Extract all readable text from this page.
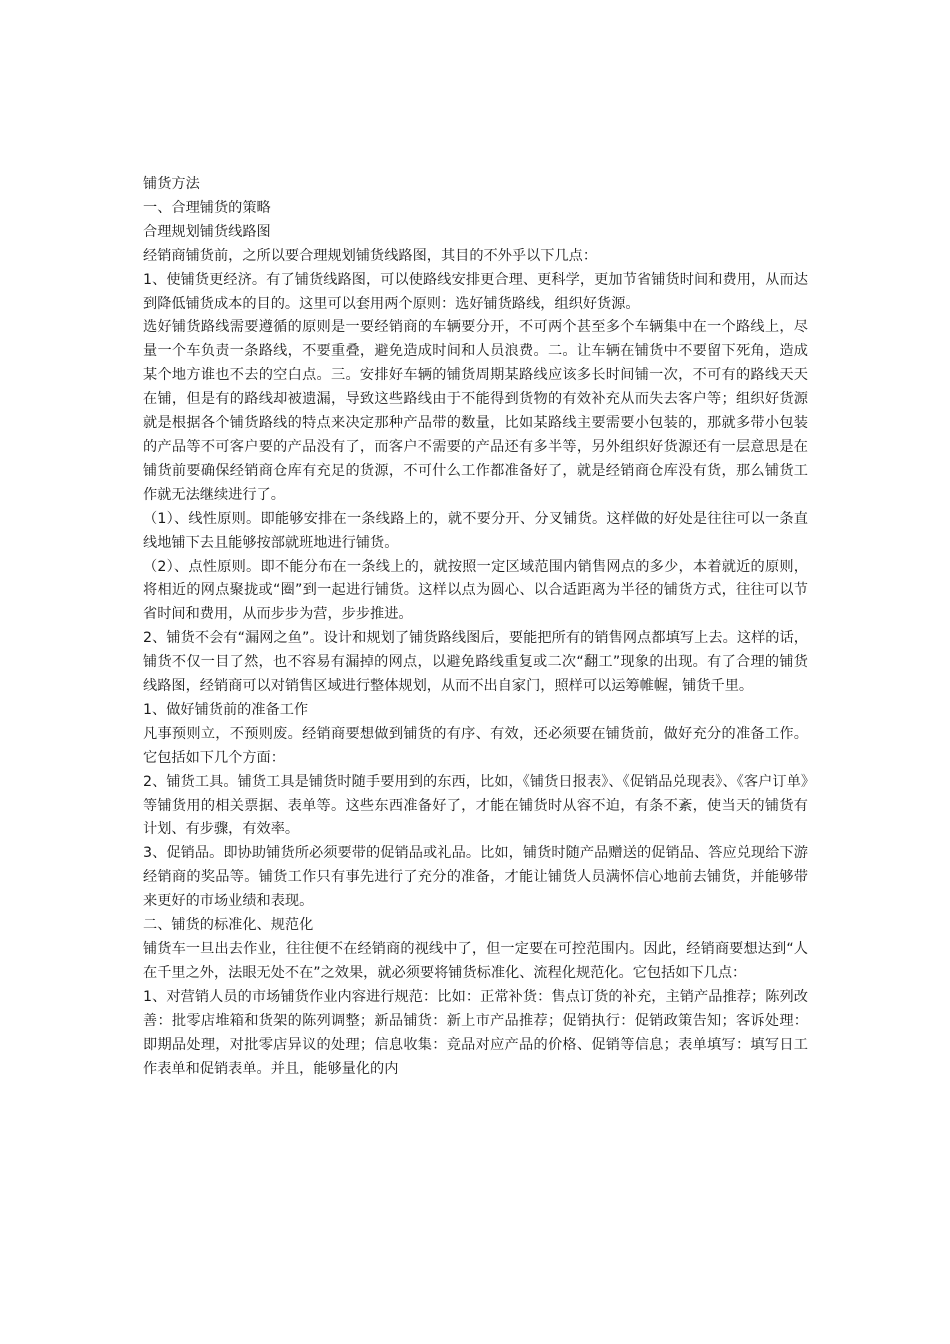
铺货方法

一、合理铺货的策略

合理规划铺货线路图

经销商铺货前，之所以要合理规划铺货线路图，其目的不外乎以下几点：

1、使铺货更经济。有了铺货线路图，可以使路线安排更合理、更科学，更加节省铺货时间和费用，从而达到降低铺货成本的目的。这里可以套用两个原则：选好铺货路线，组织好货源。

选好铺货路线需要遵循的原则是一要经销商的车辆要分开，不可两个甚至多个车辆集中在一个路线上，尽量一个车负责一条路线，不要重叠，避免造成时间和人员浪费。二。让车辆在铺货中不要留下死角，造成某个地方谁也不去的空白点。三。安排好车辆的铺货周期某路线应该多长时间铺一次，不可有的路线天天在铺，但是有的路线却被遗漏，导致这些路线由于不能得到货物的有效补充从而失去客户等；组织好货源就是根据各个铺货路线的特点来决定那种产品带的数量，比如某路线主要需要小包装的，那就多带小包装的产品等不可客户要的产品没有了，而客户不需要的产品还有多半等，另外组织好货源还有一层意思是在铺货前要确保经销商仓库有充足的货源，不可什么工作都准备好了，就是经销商仓库没有货，那么铺货工作就无法继续进行了。

（1）、线性原则。即能够安排在一条线路上的，就不要分开、分叉铺货。这样做的好处是往往可以一条直线地铺下去且能够按部就班地进行铺货。

（2）、点性原则。即不能分布在一条线上的，就按照一定区域范围内销售网点的多少，本着就近的原则，将相近的网点聚拢或“圈”到一起进行铺货。这样以点为圆心、以合适距离为半径的铺货方式，往往可以节省时间和费用，从而步步为营，步步推进。

2、铺货不会有“漏网之鱼”。设计和规划了铺货路线图后，要能把所有的销售网点都填写上去。这样的话，铺货不仅一目了然，也不容易有漏掉的网点，以避免路线重复或二次“翻工”现象的出现。有了合理的铺货线路图，经销商可以对销售区域进行整体规划，从而不出自家门，照样可以运筹帷幄，铺货千里。

1、做好铺货前的准备工作

凡事预则立，不预则废。经销商要想做到铺货的有序、有效，还必须要在铺货前，做好充分的准备工作。它包括如下几个方面：

2、铺货工具。铺货工具是铺货时随手要用到的东西，比如，《铺货日报表》、《促销品兑现表》、《客户订单》等铺货用的相关票据、表单等。这些东西准备好了，才能在铺货时从容不迫，有条不紊，使当天的铺货有计划、有步骤，有效率。

3、促销品。即协助铺货所必须要带的促销品或礼品。比如，铺货时随产品赠送的促销品、答应兑现给下游经销商的奖品等。铺货工作只有事先进行了充分的准备，才能让铺货人员满怀信心地前去铺货，并能够带来更好的市场业绩和表现。

二、铺货的标准化、规范化

铺货车一旦出去作业，往往便不在经销商的视线中了，但一定要在可控范围内。因此，经销商要想达到“人在千里之外，法眼无处不在”之效果，就必须要将铺货标准化、流程化规范化。它包括如下几点：

1、对营销人员的市场铺货作业内容进行规范：比如：正常补货：售点订货的补充，主销产品推荐；陈列改善：批零店堆箱和货架的陈列调整；新品铺货：新上市产品推荐；促销执行：促销政策告知；客诉处理：即期品处理，对批零店异议的处理；信息收集：竞品对应产品的价格、促销等信息；表单填写：填写日工作表单和促销表单。并且，能够量化的内
